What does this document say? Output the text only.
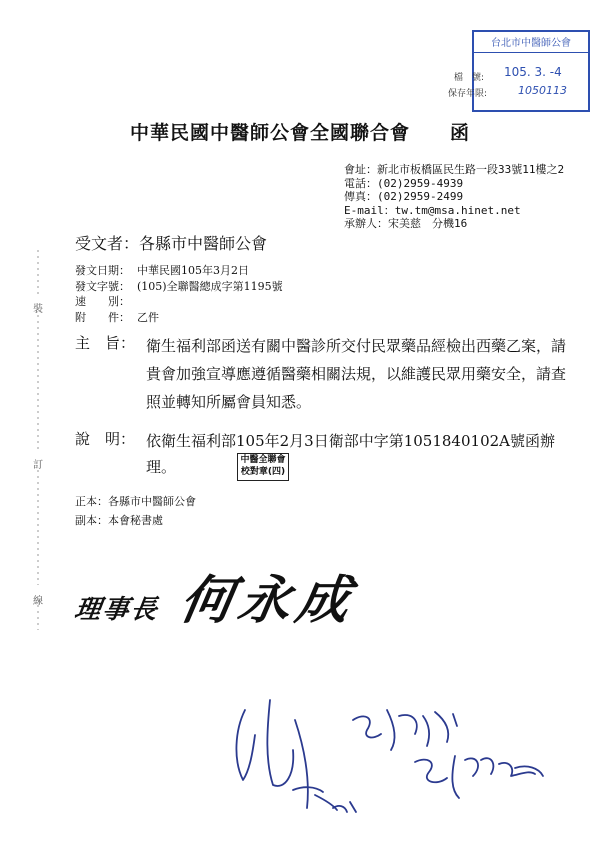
台北市中醫師公會
105. 3. -4
1050113
檔　號:
保存年限:
中華民國中醫師公會全國聯合會　　函
會址：新北市板橋區民生路一段33號11樓之2
電話：(02)2959-4939
傳真：(02)2959-2499
E-mail：tw.tm@msa.hinet.net
承辦人：宋美慈　分機16
受文者：各縣市中醫師公會
發文日期： 中華民國105年3月2日
發文字號： (105)全聯醫總成字第1195號
速　　別：
附　　件： 乙件
主　旨： 衛生福利部函送有關中醫診所交付民眾藥品經檢出西藥乙案，請貴會加強宣導應遵循醫藥相關法規，以維護民眾用藥安全，請查照並轉知所屬會員知悉。
說　明： 依衛生福利部105年2月3日衛部中字第1051840102A號函辦理。	中醫全聯會
校對章(四)
正本：各縣市中醫師公會
副本：本會秘書處
裝
訂
線 理事長 何永成
